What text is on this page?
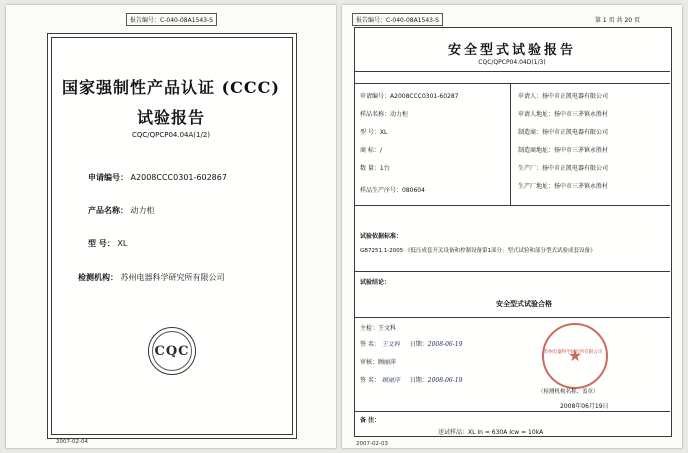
报告编号：C-040-08A1543-S
国家强制性产品认证 (CCC)
试验报告
CQC/QPCP04.04A(1/2)
申请编号： A2008CCC0301-602867
产品名称： 动力柜
型 号： XL
检测机构： 苏州电器科学研究所有限公司
CQC
2007-02-04
报告编号：C-040-08A1543-S	第 1 页 共 20 页
安全型式试验报告
CQC/QPCP04.04D(1/3)
申请编号：A2008CCC0301-60287
样品名称：动力柜
型 号：XL
商 标：/
数 量：1台
样品生产序号：080604
申请人：扬中市正凯电器有限公司
申请人地址：扬中市三茅镇永胜村
制造商：扬中市正凯电器有限公司
制造商地址：扬中市三茅镇永胜村
生产厂：扬中市正凯电器有限公司
生产厂地址：扬中市三茅镇永胜村
试验依据标准：
GB7251.1-2005 《低压成套开关设备和控制设备第1部分：型式试验和部分型式试验成套设备》
试验结论：
安全型式试验合格
主检：王文科
签 名： 王文科 日期：2008-06-19
审核：顾丽萍
签 名： 顾丽萍 日期：2008-06-19
★
苏州电器科学研究所有限公司
（检测机构名称、盖章）
2008年06月19日
备 注：
送试样品：XL In = 630A Icw = 10kA
2007-02-03
